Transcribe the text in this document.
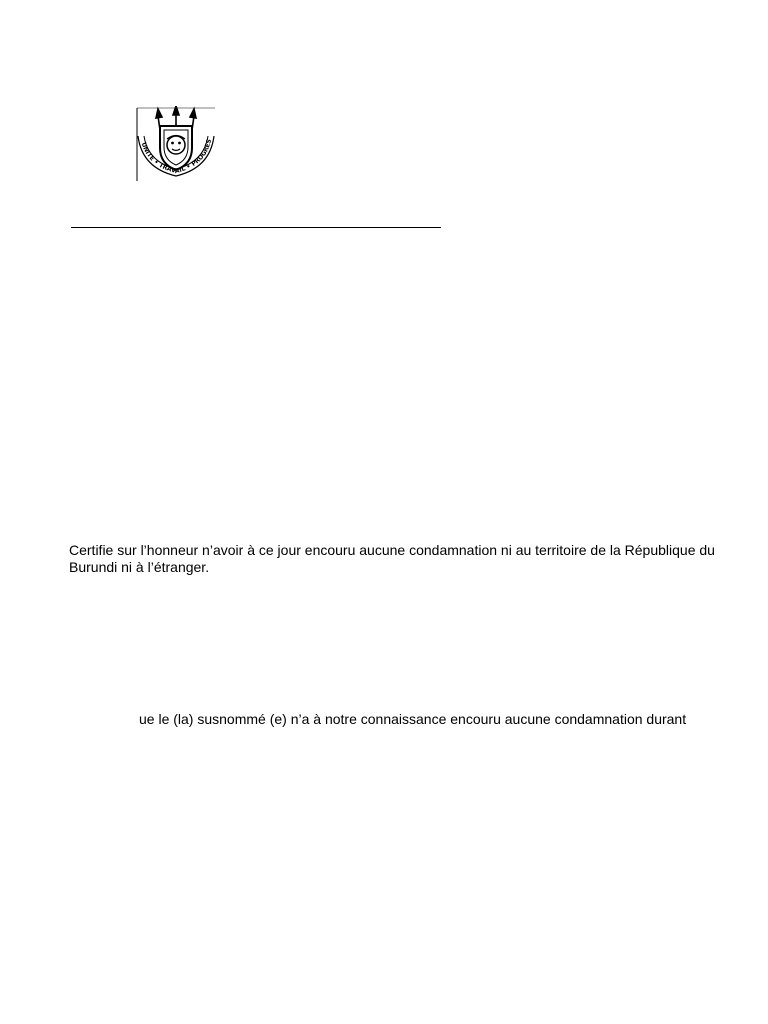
UNITE • TRAVAIL • PROGRES

Certifie sur l’honneur n’avoir à ce jour encouru aucune condamnation ni au territoire de la République du Burundi ni à l’étranger.

ue le (la) susnommé (e) n’a à notre connaissance encouru aucune condamnation durant
